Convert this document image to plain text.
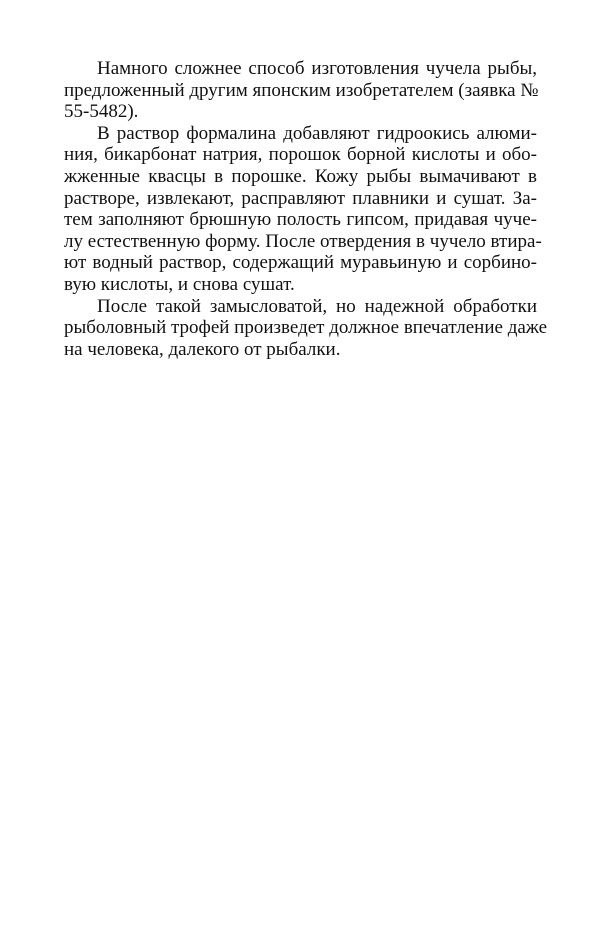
Намного сложнее способ изготовления чучела рыбы,
предложенный другим японским изобретателем (заявка №
55-5482).

В раствор формалина добавляют гидроокись алюми-
ния, бикарбонат натрия, порошок борной кислоты и обо-
жженные квасцы в порошке. Кожу рыбы вымачивают в
растворе, извлекают, расправляют плавники и сушат. За-
тем заполняют брюшную полость гипсом, придавая чуче-
лу естественную форму. После отвердения в чучело втира-
ют водный раствор, содержащий муравьиную и сорбино-
вую кислоты, и снова сушат.

После такой замысловатой, но надежной обработки
рыболовный трофей произведет должное впечатление даже
на человека, далекого от рыбалки.
